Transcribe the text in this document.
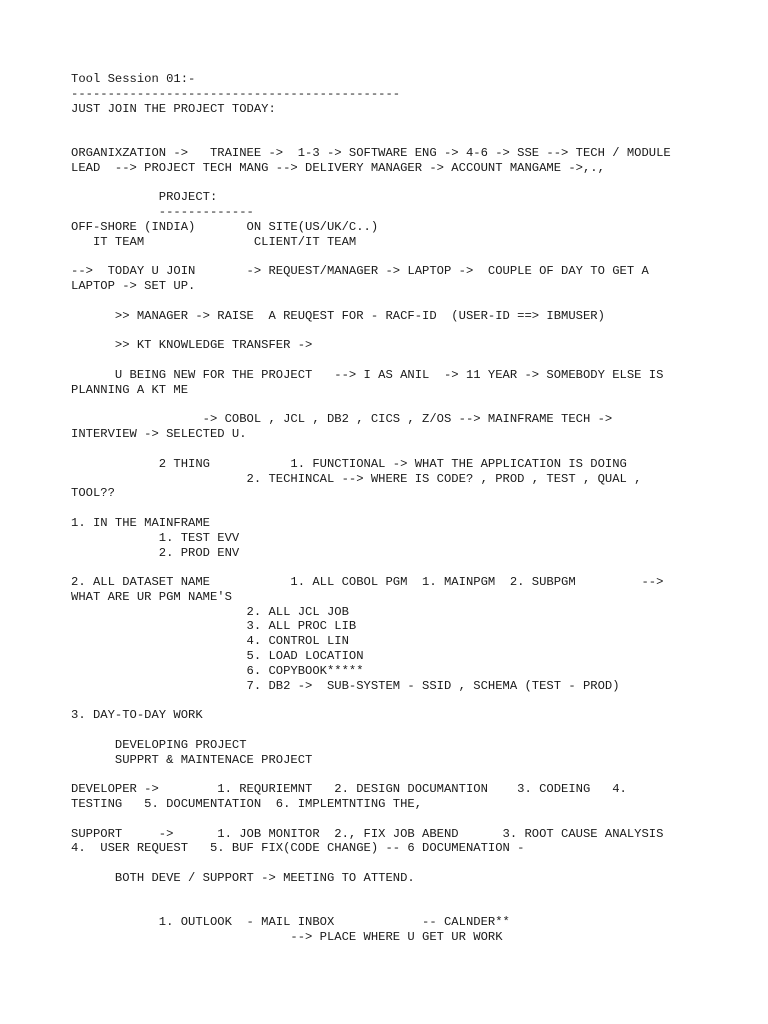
Tool Session 01:-
---------------------------------------------
JUST JOIN THE PROJECT TODAY:
ORGANIXZATION ->   TRAINEE ->  1-3 -> SOFTWARE ENG -> 4-6 -> SSE --> TECH / MODULE
LEAD  --> PROJECT TECH MANG --> DELIVERY MANAGER -> ACCOUNT MANGAME ->,.,
PROJECT:
-------------
OFF-SHORE (INDIA)       ON SITE(US/UK/C..)
IT TEAM               CLIENT/IT TEAM
-->  TODAY U JOIN       -> REQUEST/MANAGER -> LAPTOP ->  COUPLE OF DAY TO GET A
LAPTOP -> SET UP.
>> MANAGER -> RAISE  A REUQEST FOR - RACF-ID  (USER-ID ==> IBMUSER)
>> KT KNOWLEDGE TRANSFER ->
U BEING NEW FOR THE PROJECT   --> I AS ANIL  -> 11 YEAR -> SOMEBODY ELSE IS
PLANNING A KT ME
-> COBOL , JCL , DB2 , CICS , Z/OS --> MAINFRAME TECH ->
INTERVIEW -> SELECTED U.
2 THING           1. FUNCTIONAL -> WHAT THE APPLICATION IS DOING
2. TECHINCAL --> WHERE IS CODE? , PROD , TEST , QUAL ,
TOOL??
1. IN THE MAINFRAME
1. TEST EVV
2. PROD ENV
2. ALL DATASET NAME           1. ALL COBOL PGM  1. MAINPGM  2. SUBPGM         -->
WHAT ARE UR PGM NAME'S
2. ALL JCL JOB
3. ALL PROC LIB
4. CONTROL LIN
5. LOAD LOCATION
6. COPYBOOK*****
7. DB2 ->  SUB-SYSTEM - SSID , SCHEMA (TEST - PROD)
3. DAY-TO-DAY WORK
DEVELOPING PROJECT
SUPPRT & MAINTENACE PROJECT
DEVELOPER ->        1. REQURIEMNT   2. DESIGN DOCUMANTION    3. CODEING   4.
TESTING   5. DOCUMENTATION  6. IMPLEMTNTING THE,
SUPPORT     ->      1. JOB MONITOR  2., FIX JOB ABEND      3. ROOT CAUSE ANALYSIS
4.  USER REQUEST   5. BUF FIX(CODE CHANGE) -- 6 DOCUMENATION -
BOTH DEVE / SUPPORT -> MEETING TO ATTEND.
1. OUTLOOK  - MAIL INBOX            -- CALNDER**
--> PLACE WHERE U GET UR WORK
